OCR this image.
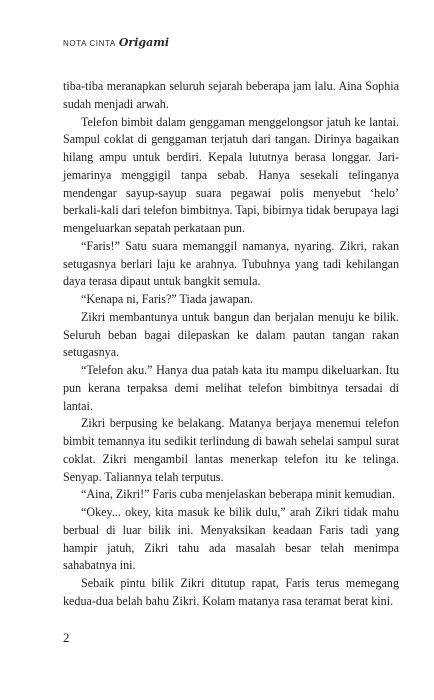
NOTA CINTA Origami

tiba-tiba meranapkan seluruh sejarah beberapa jam lalu. Aina Sophia sudah menjadi arwah.

Telefon bimbit dalam genggaman menggelongsor jatuh ke lantai. Sampul coklat di genggaman terjatuh dari tangan. Dirinya bagaikan hilang ampu untuk berdiri. Kepala lututnya berasa longgar. Jari-jemarinya menggigil tanpa sebab. Hanya sesekali telinganya mendengar sayup-sayup suara pegawai polis menyebut ‘helo’ berkali-kali dari telefon bimbitnya. Tapi, bibirnya tidak berupaya lagi mengeluarkan sepatah perkataan pun.

“Faris!” Satu suara memanggil namanya, nyaring. Zikri, rakan setugasnya berlari laju ke arahnya. Tubuhnya yang tadi kehilangan daya terasa dipaut untuk bangkit semula.

“Kenapa ni, Faris?” Tiada jawapan.

Zikri membantunya untuk bangun dan berjalan menuju ke bilik. Seluruh beban bagai dilepaskan ke dalam pautan tangan rakan setugasnya.

“Telefon aku.” Hanya dua patah kata itu mampu dikeluarkan. Itu pun kerana terpaksa demi melihat telefon bimbitnya tersadai di lantai.

Zikri berpusing ke belakang. Matanya berjaya menemui telefon bimbit temannya itu sedikit terlindung di bawah sehelai sampul surat coklat. Zikri mengambil lantas menerkap telefon itu ke telinga. Senyap. Taliannya telah terputus.

“Aina, Zikri!” Faris cuba menjelaskan beberapa minit kemudian.

“Okey... okey, kita masuk ke bilik dulu,” arah Zikri tidak mahu berbual di luar bilik ini. Menyaksikan keadaan Faris tadi yang hampir jatuh, Zikri tahu ada masalah besar telah menimpa sahabatnya ini.

Sebaik pintu bilik Zikri ditutup rapat, Faris terus memegang kedua-dua belah bahu Zikri. Kolam matanya rasa teramat berat kini.

2
